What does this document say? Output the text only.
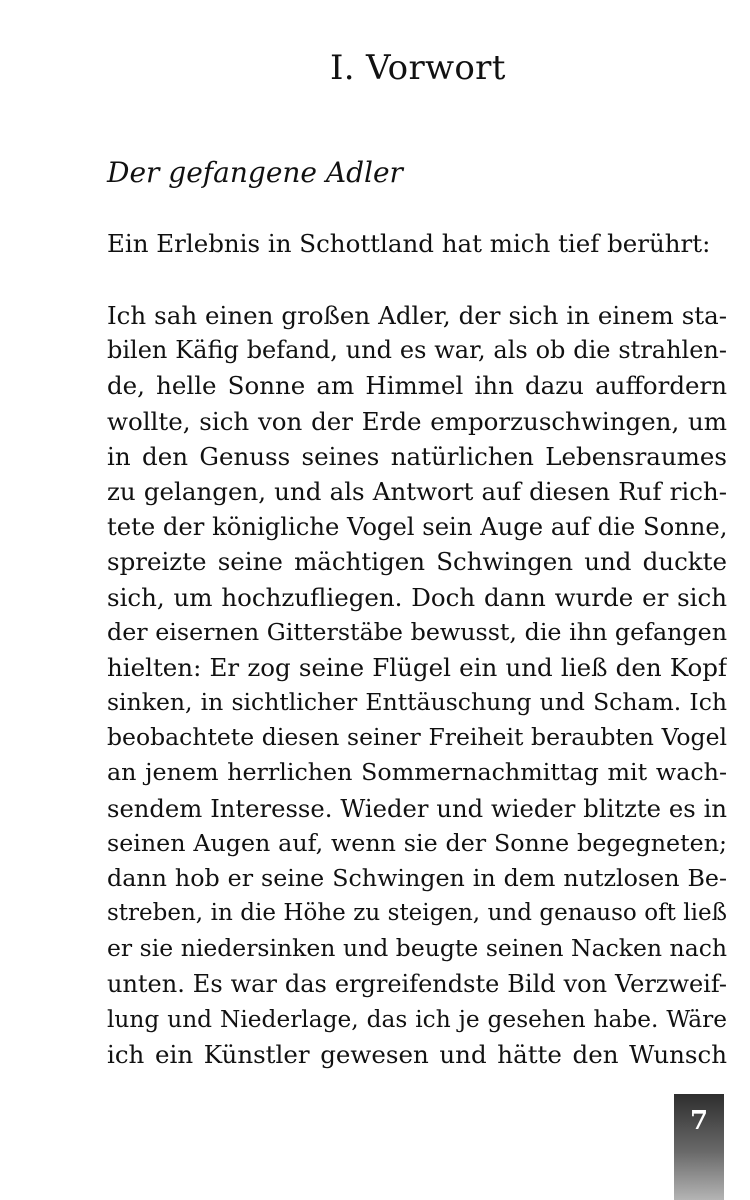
I. Vorwort
Der gefangene Adler
Ein Erlebnis in Schottland hat mich tief berührt:
Ich sah einen großen Adler, der sich in einem sta-
bilen Käfig befand, und es war, als ob die strahlen-
de, helle Sonne am Himmel ihn dazu auffordern
wollte, sich von der Erde emporzuschwingen, um
in den Genuss seines natürlichen Lebensraumes
zu gelangen, und als Antwort auf diesen Ruf rich-
tete der königliche Vogel sein Auge auf die Sonne,
spreizte seine mächtigen Schwingen und duckte
sich, um hochzufliegen. Doch dann wurde er sich
der eisernen Gitterstäbe bewusst, die ihn gefangen
hielten: Er zog seine Flügel ein und ließ den Kopf
sinken, in sichtlicher Enttäuschung und Scham. Ich
beobachtete diesen seiner Freiheit beraubten Vogel
an jenem herrlichen Sommernachmittag mit wach-
sendem Interesse. Wieder und wieder blitzte es in
seinen Augen auf, wenn sie der Sonne begegneten;
dann hob er seine Schwingen in dem nutzlosen Be-
streben, in die Höhe zu steigen, und genauso oft ließ
er sie niedersinken und beugte seinen Nacken nach
unten. Es war das ergreifendste Bild von Verzweif-
lung und Niederlage, das ich je gesehen habe. Wäre
ich ein Künstler gewesen und hätte den Wunsch
7
